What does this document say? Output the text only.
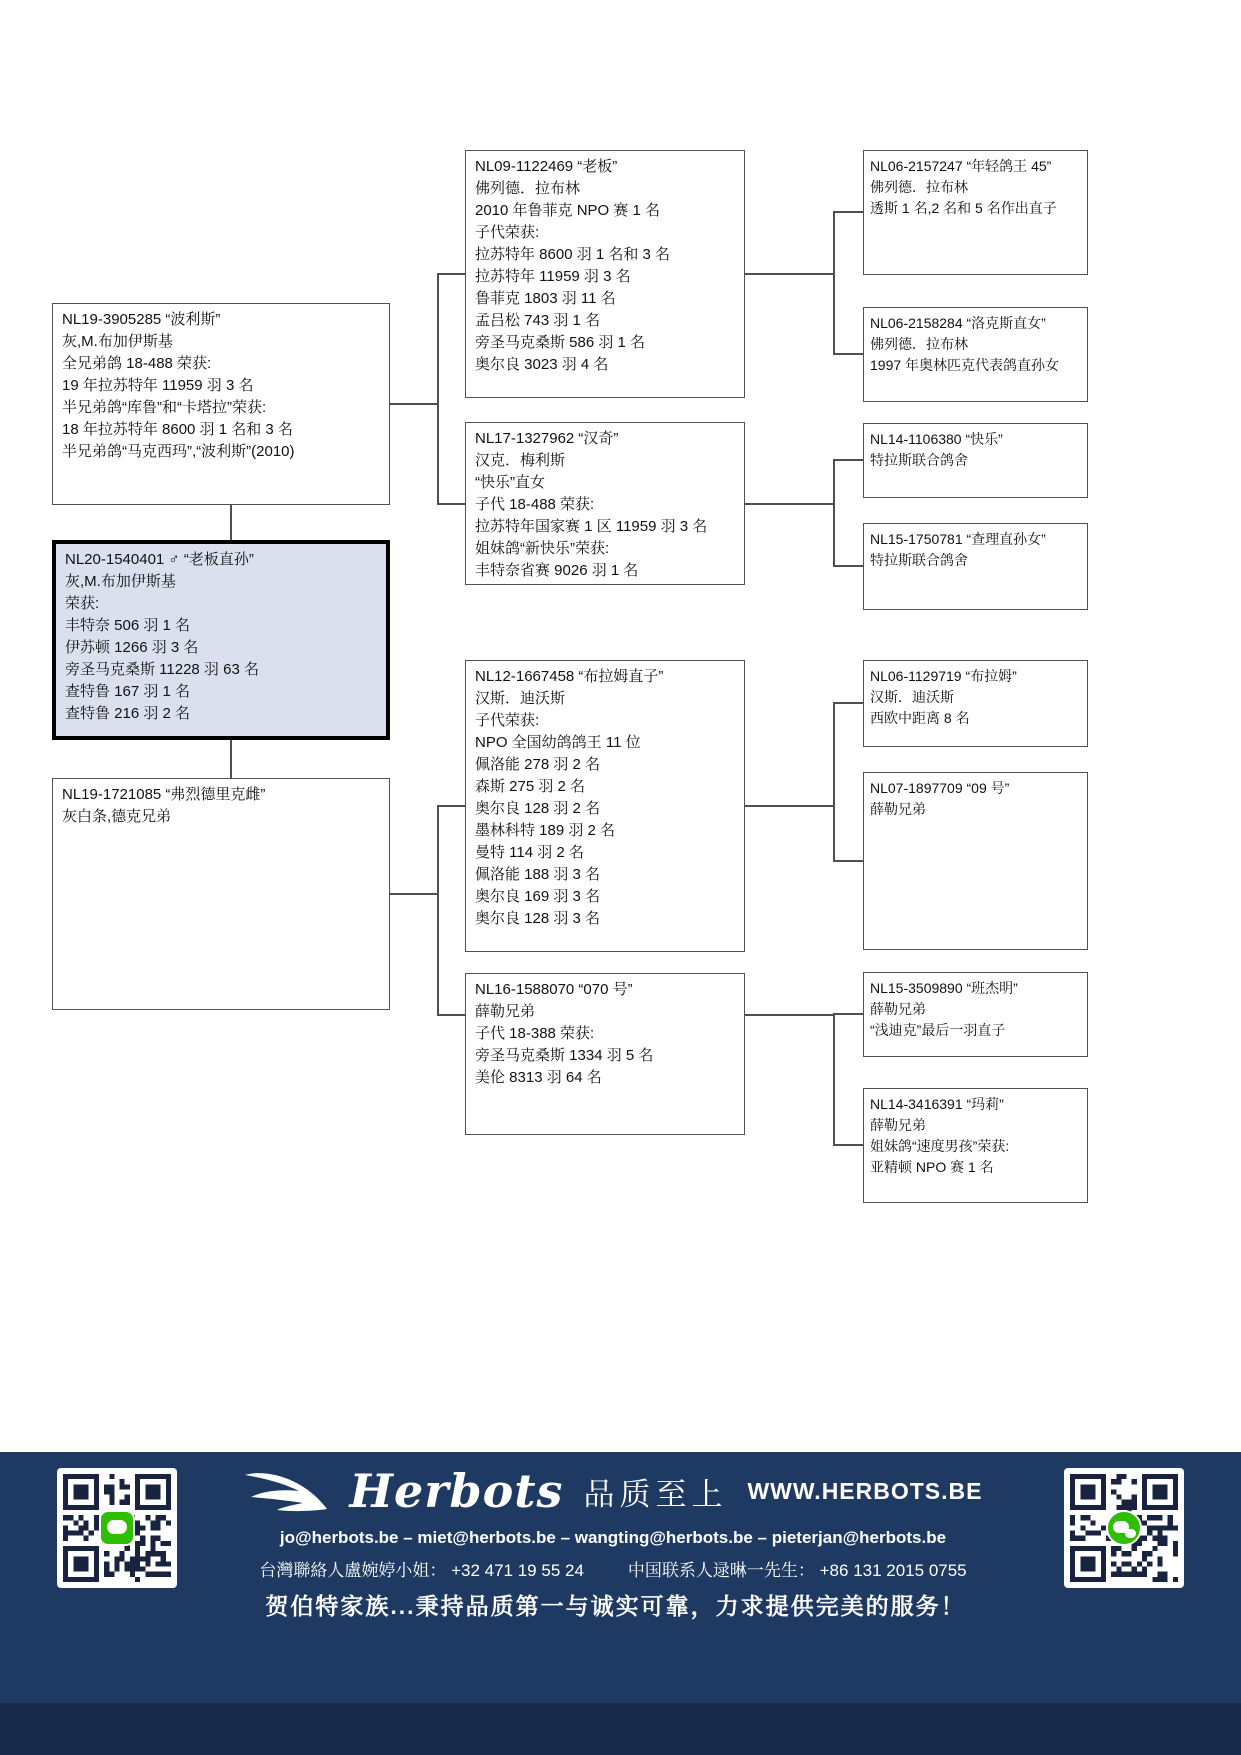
NL19-3905285 “波利斯”
灰,M.布加伊斯基
全兄弟鸽 18-488 荣获:
19 年拉苏特年 11959 羽 3 名
半兄弟鸽“库鲁”和“卡塔拉”荣获:
18 年拉苏特年 8600 羽 1 名和 3 名
半兄弟鸽“马克西玛”,“波利斯”(2010)
NL20-1540401 ♂ “老板直孙”
灰,M.布加伊斯基
荣获:
丰特奈 506 羽 1 名
伊苏顿 1266 羽 3 名
旁圣马克桑斯 11228 羽 63 名
查特鲁 167 羽 1 名
查特鲁 216 羽 2 名
NL19-1721085 “弗烈德里克雌”
灰白条,德克兄弟
NL09-1122469 “老板”
佛列德．拉布林
2010 年鲁菲克 NPO 赛 1 名
子代荣获:
拉苏特年 8600 羽 1 名和 3 名
拉苏特年 11959 羽 3 名
鲁菲克 1803 羽 11 名
孟吕松 743 羽 1 名
旁圣马克桑斯 586 羽 1 名
奥尔良 3023 羽 4 名
NL17-1327962 “汉奇”
汉克．梅利斯
“快乐”直女
子代 18-488 荣获:
拉苏特年国家赛 1 区 11959 羽 3 名
姐妹鸽“新快乐”荣获:
丰特奈省赛 9026 羽 1 名
NL12-1667458 “布拉姆直子”
汉斯．迪沃斯
子代荣获:
NPO 全国幼鸽鸽王 11 位
佩洛能 278 羽 2 名
森斯 275 羽 2 名
奥尔良 128 羽 2 名
墨林科特 189 羽 2 名
曼特 114 羽 2 名
佩洛能 188 羽 3 名
奥尔良 169 羽 3 名
奥尔良 128 羽 3 名
NL16-1588070 “070 号”
薛勒兄弟
子代 18-388 荣获:
旁圣马克桑斯 1334 羽 5 名
美伦 8313 羽 64 名
NL06-2157247 “年轻鸽王 45”
佛列德．拉布林
透斯 1 名,2 名和 5 名作出直子
NL06-2158284 “洛克斯直女”
佛列德．拉布林
1997 年奥林匹克代表鸽直孙女
NL14-1106380 “快乐”
特拉斯联合鸽舍
NL15-1750781 “查理直孙女”
特拉斯联合鸽舍
NL06-1129719 “布拉姆”
汉斯．迪沃斯
西欧中距离 8 名
NL07-1897709 “09 号”
薛勒兄弟
NL15-3509890 “班杰明”
薛勒兄弟
“浅迪克”最后一羽直子
NL14-3416391 “玛莉”
薛勒兄弟
姐妹鸽“速度男孩”荣获:
亚精顿 NPO 赛 1 名
Herbots 品质至上 WWW.HERBOTS.BE
jo@herbots.be – miet@herbots.be – wangting@herbots.be – pieterjan@herbots.be
台灣聯絡人盧婉婷小姐： +32 471 19 55 24	中国联系人逯晽一先生： +86 131 2015 0755
贺伯特家族...秉持品质第一与诚实可靠，力求提供完美的服务！
